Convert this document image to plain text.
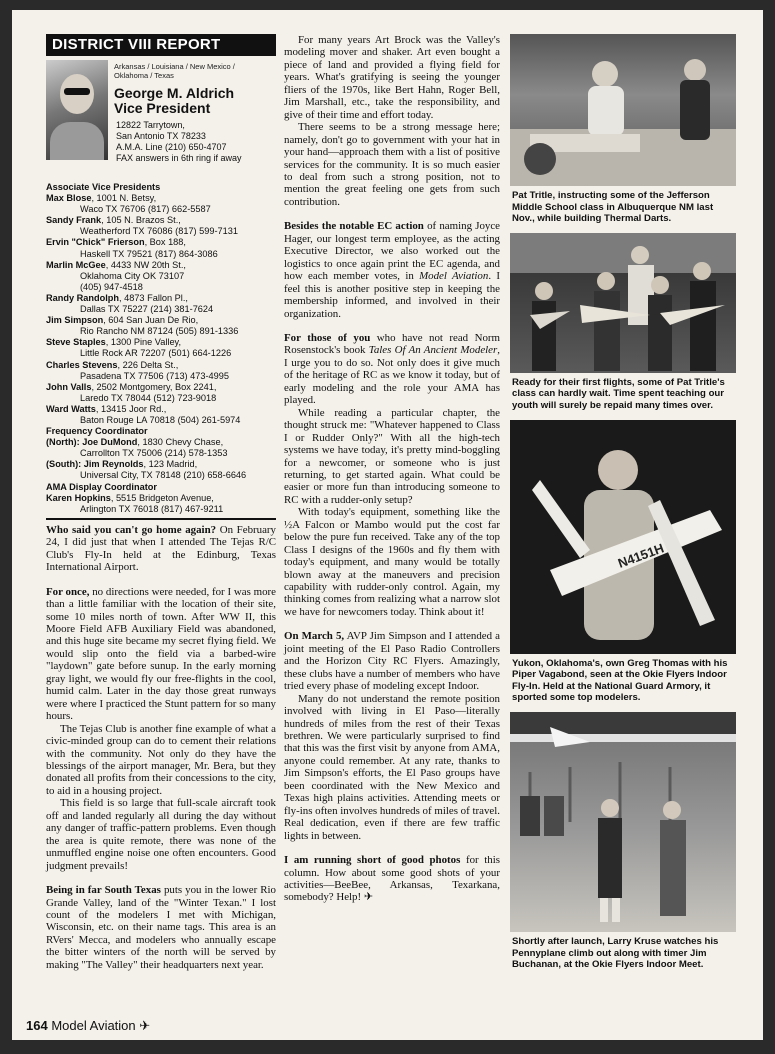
DISTRICT VIII REPORT
Arkansas / Louisiana / New Mexico / Oklahoma / Texas
George M. Aldrich
Vice President
12822 Tarrytown,
San Antonio TX 78233
A.M.A. Line (210) 650-4707
FAX answers in 6th ring if away
Associate Vice Presidents
Max Blose, 1001 N. Betsy,
Waco TX 76706 (817) 662-5587
Sandy Frank, 105 N. Brazos St.,
Weatherford TX 76086 (817) 599-7131
Ervin "Chick" Frierson, Box 188,
Haskell TX 79521 (817) 864-3086
Marlin McGee, 4433 NW 20th St.,
Oklahoma City OK 73107
(405) 947-4518
Randy Randolph, 4873 Fallon Pl.,
Dallas TX 75227 (214) 381-7624
Jim Simpson, 604 San Juan De Rio,
Rio Rancho NM 87124 (505) 891-1336
Steve Staples, 1300 Pine Valley,
Little Rock AR 72207 (501) 664-1226
Charles Stevens, 226 Delta St.,
Pasadena TX 77506 (713) 473-4995
John Valls, 2502 Montgomery, Box 2241,
Laredo TX 78044 (512) 723-9018
Ward Watts, 13415 Joor Rd.,
Baton Rouge LA 70818 (504) 261-5974
Frequency Coordinator
(North): Joe DuMond, 1830 Chevy Chase,
Carrollton TX 75006 (214) 578-1353
(South): Jim Reynolds, 123 Madrid,
Universal City, TX 78148 (210) 658-6646
AMA Display Coordinator
Karen Hopkins, 5515 Bridgeton Avenue,
Arlington TX 76018 (817) 467-9211

Who said you can't go home again? On February 24, I did just that when I attended The Tejas R/C Club's Fly-In held at the Edinburg, Texas International Airport.

For once, no directions were needed, for I was more than a little familiar with the location of their site, some 10 miles north of town. After WW II, this Moore Field AFB Auxiliary Field was abandoned, and this huge site became my secret flying field. We would slip onto the field via a barbed-wire "laydown" gate before sunup. In the early morning gray light, we would fly our free-flights in the cool, humid calm. Later in the day those great runways were where I practiced the Stunt pattern for so many hours.

The Tejas Club is another fine example of what a civic-minded group can do to cement their relations with the community. Not only do they have the blessings of the airport manager, Mr. Bera, but they donated all profits from their concessions to the city, to aid in a housing project.

This field is so large that full-scale aircraft took off and landed regularly all during the day without any danger of traffic-pattern problems. Even though the area is quite remote, there was none of the unmuffled engine noise one often encounters. Good judgment prevails!

Being in far South Texas puts you in the lower Rio Grande Valley, land of the "Winter Texan." I lost count of the modelers I met with Michigan, Wisconsin, etc. on their name tags. This area is an RVers' Mecca, and modelers who annually escape the bitter winters of the north will be served by making "The Valley" their headquarters next year.

For many years Art Brock was the Valley's modeling mover and shaker. Art even bought a piece of land and provided a flying field for years. What's gratifying is seeing the younger fliers of the 1970s, like Bert Hahn, Roger Bell, Jim Marshall, etc., take the responsibility, and give of their time and effort today.

There seems to be a strong message here; namely, don't go to government with your hat in your hand—approach them with a list of positive services for the community. It is so much easier to deal from such a strong position, not to mention the great feeling one gets from such contribution.

Besides the notable EC action of naming Joyce Hager, our longest term employee, as the acting Executive Director, we also worked out the logistics to once again print the EC agenda, and how each member votes, in Model Aviation. I feel this is another positive step in keeping the membership informed, and involved in their organization.

For those of you who have not read Norm Rosenstock's book Tales Of An Ancient Modeler, I urge you to do so. Not only does it give much of the heritage of RC as we know it today, but of early modeling and the role your AMA has played.

While reading a particular chapter, the thought struck me: "Whatever happened to Class I or Rudder Only?" With all the high-tech systems we have today, it's pretty mind-boggling for a newcomer, or someone who is just returning, to get started again. What could be easier or more fun than introducing someone to RC with a rudder-only setup?

With today's equipment, something like the ½A Falcon or Mambo would put the cost far below the pure fun received. Take any of the top Class I designs of the 1960s and fly them with today's equipment, and many would be totally blown away at the maneuvers and precision capability with rudder-only control. Again, my thinking comes from realizing what a narrow slot we have for newcomers today. Think about it!

On March 5, AVP Jim Simpson and I attended a joint meeting of the El Paso Radio Controllers and the Horizon City RC Flyers. Amazingly, these clubs have a number of members who have tried every phase of modeling except Indoor.

Many do not understand the remote position involved with living in El Paso—literally hundreds of miles from the rest of their Texas brethren. We were particularly surprised to find that this was the first visit by anyone from AMA, anyone could remember. At any rate, thanks to Jim Simpson's efforts, the El Paso groups have been coordinated with the New Mexico and Texas high plains activities. Attending meets or fly-ins often involves hundreds of miles of travel. Real dedication, even if there are few traffic lights in between.

I am running short of good photos for this column. How about some good shots of your activities—BeeBee, Arkansas, Texarkana, somebody? Help! ✈

Pat Tritle, instructing some of the Jefferson Middle School class in Albuquerque NM last Nov., while building Thermal Darts.
Ready for their first flights, some of Pat Tritle's class can hardly wait. Time spent teaching our youth will surely be repaid many times over.
N4151H
Yukon, Oklahoma's, own Greg Thomas with his Piper Vagabond, seen at the Okie Flyers Indoor Fly-In. Held at the National Guard Armory, it sported some top modelers.
Shortly after launch, Larry Kruse watches his Pennyplane climb out along with timer Jim Buchanan, at the Okie Flyers Indoor Meet.
164 Model Aviation ✈
